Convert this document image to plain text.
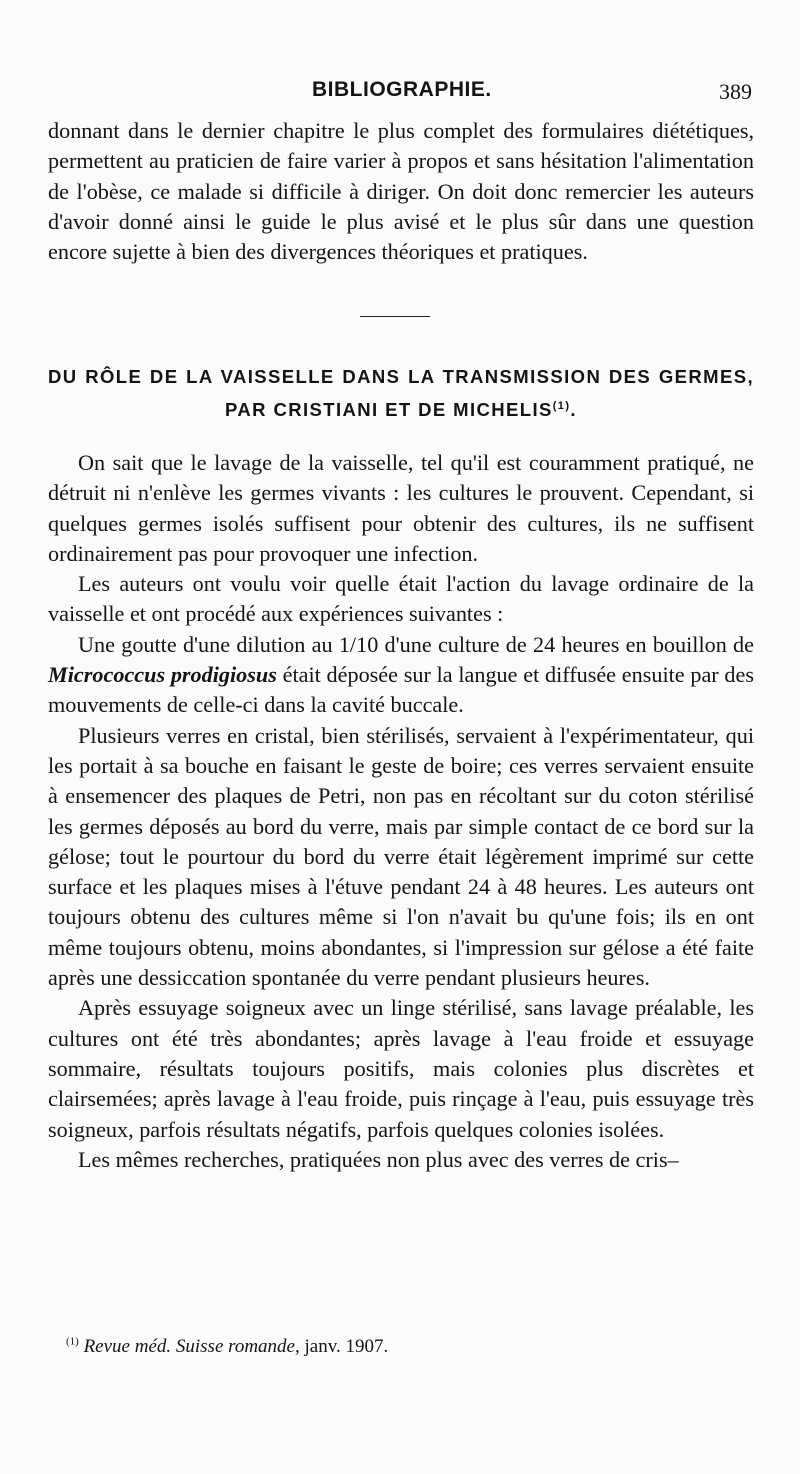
BIBLIOGRAPHIE.	389

donnant dans le dernier chapitre le plus complet des formulaires diététiques, permettent au praticien de faire varier à propos et sans hésitation l'alimentation de l'obèse, ce malade si difficile à diriger. On doit donc remercier les auteurs d'avoir donné ainsi le guide le plus avisé et le plus sûr dans une question encore sujette à bien des divergences théoriques et pratiques.

DU RÔLE DE LA VAISSELLE DANS LA TRANSMISSION DES GERMES,
PAR CRISTIANI ET DE MICHELIS$^{(1)}$.

On sait que le lavage de la vaisselle, tel qu'il est couramment pratiqué, ne détruit ni n'enlève les germes vivants : les cultures le prouvent. Cependant, si quelques germes isolés suffisent pour obtenir des cultures, ils ne suffisent ordinairement pas pour provoquer une infection.

Les auteurs ont voulu voir quelle était l'action du lavage ordinaire de la vaisselle et ont procédé aux expériences suivantes :

Une goutte d'une dilution au 1/10 d'une culture de 24 heures en bouillon de Micrococcus prodigiosus était déposée sur la langue et diffusée ensuite par des mouvements de celle-ci dans la cavité buccale.

Plusieurs verres en cristal, bien stérilisés, servaient à l'expérimentateur, qui les portait à sa bouche en faisant le geste de boire; ces verres servaient ensuite à ensemencer des plaques de Petri, non pas en récoltant sur du coton stérilisé les germes déposés au bord du verre, mais par simple contact de ce bord sur la gélose; tout le pourtour du bord du verre était légèrement imprimé sur cette surface et les plaques mises à l'étuve pendant 24 à 48 heures. Les auteurs ont toujours obtenu des cultures même si l'on n'avait bu qu'une fois; ils en ont même toujours obtenu, moins abondantes, si l'impression sur gélose a été faite après une dessiccation spontanée du verre pendant plusieurs heures.

Après essuyage soigneux avec un linge stérilisé, sans lavage préalable, les cultures ont été très abondantes; après lavage à l'eau froide et essuyage sommaire, résultats toujours positifs, mais colonies plus discrètes et clairsemées; après lavage à l'eau froide, puis rinçage à l'eau, puis essuyage très soigneux, parfois résultats négatifs, parfois quelques colonies isolées.

Les mêmes recherches, pratiquées non plus avec des verres de cris–

$^{(1)}$ Revue méd. Suisse romande, janv. 1907.
